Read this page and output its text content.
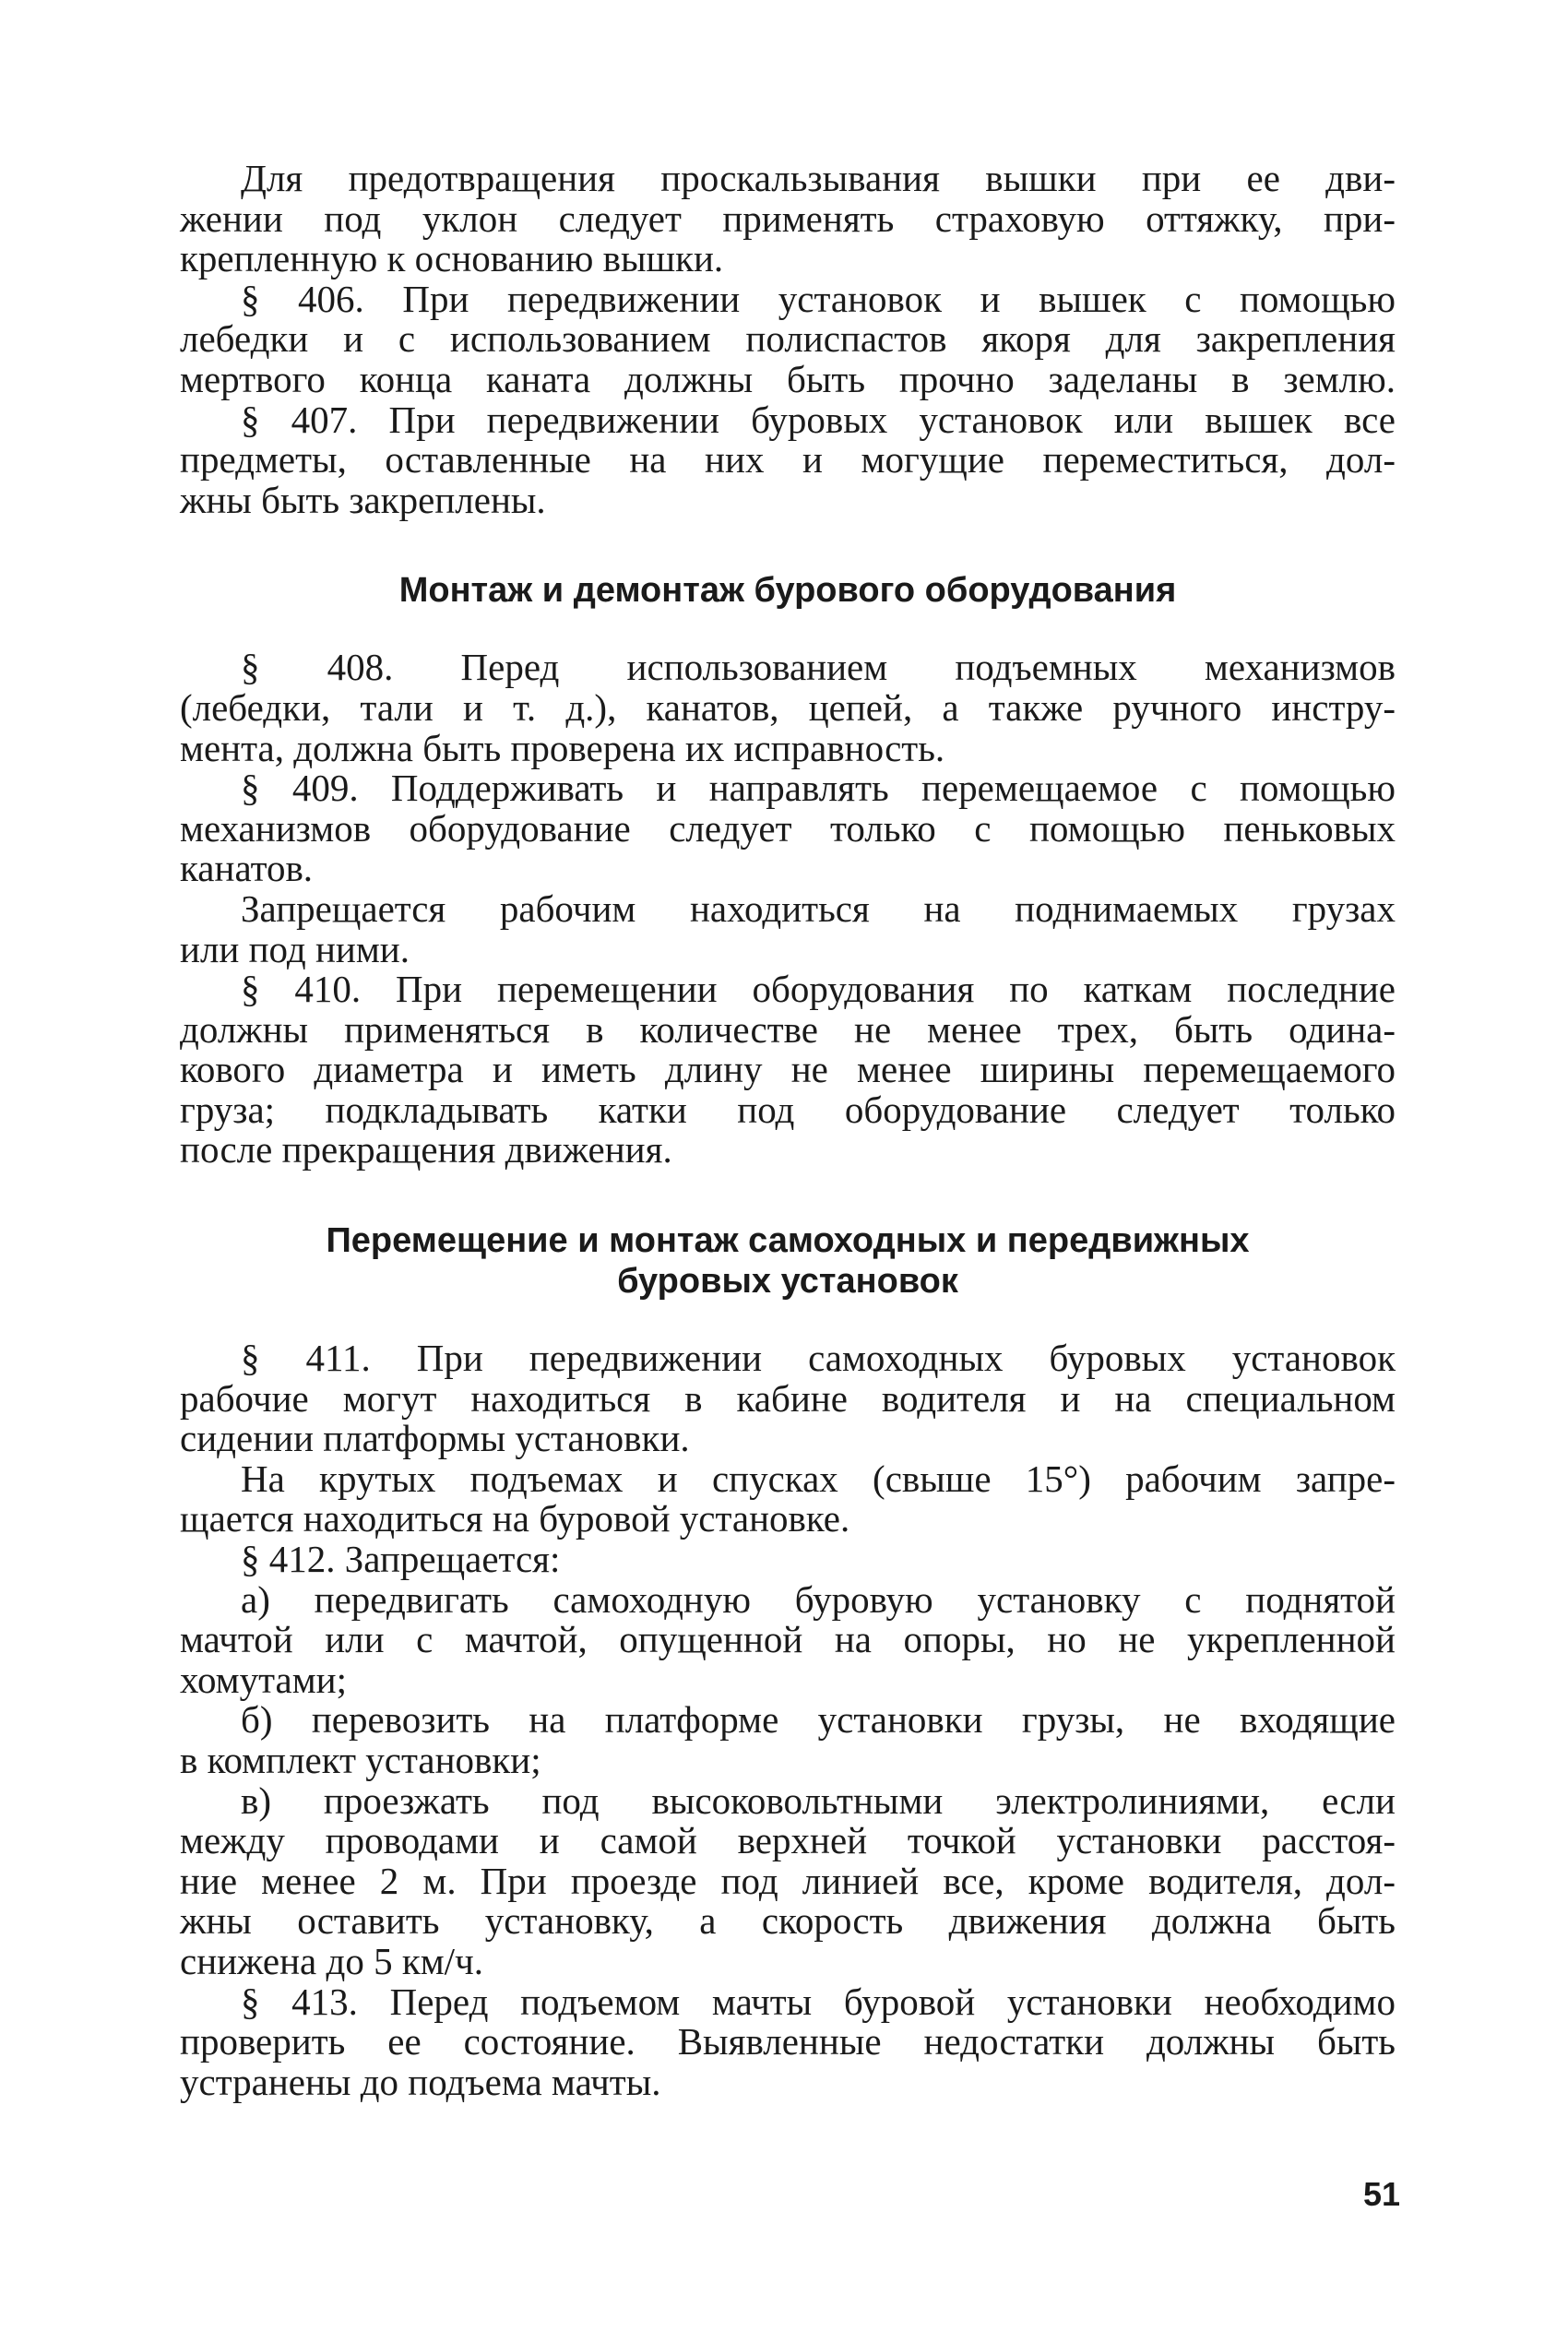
Для предотвращения проскальзывания вышки при ее дви-
жении под уклон следует применять страховую оттяжку, при-
крепленную к основанию вышки.

§ 406. При передвижении установок и вышек с помощью
лебедки и с использованием полиспастов якоря для закрепления
мертвого конца каната должны быть прочно заделаны в землю.

§ 407. При передвижении буровых установок или вышек все
предметы, оставленные на них и могущие переместиться, дол-
жны быть закреплены.

Монтаж и демонтаж бурового оборудования

§ 408. Перед использованием подъемных механизмов
(лебедки, тали и т. д.), канатов, цепей, а также ручного инстру-
мента, должна быть проверена их исправность.

§ 409. Поддерживать и направлять перемещаемое с помощью
механизмов оборудование следует только с помощью пеньковых
канатов.

Запрещается рабочим находиться на поднимаемых грузах
или под ними.

§ 410. При перемещении оборудования по каткам последние
должны применяться в количестве не менее трех, быть одина-
кового диаметра и иметь длину не менее ширины перемещаемого
груза; подкладывать катки под оборудование следует только
после прекращения движения.

Перемещение и монтаж самоходных и передвижных
буровых установок

§ 411. При передвижении самоходных буровых установок
рабочие могут находиться в кабине водителя и на специальном
сидении платформы установки.

На крутых подъемах и спусках (свыше 15°) рабочим запре-
щается находиться на буровой установке.

§ 412. Запрещается:

а) передвигать самоходную буровую установку с поднятой
мачтой или с мачтой, опущенной на опоры, но не укрепленной
хомутами;

б) перевозить на платформе установки грузы, не входящие
в комплект установки;

в) проезжать под высоковольтными электролиниями, если
между проводами и самой верхней точкой установки расстоя-
ние менее 2 м. При проезде под линией все, кроме водителя, дол-
жны оставить установку, а скорость движения должна быть
снижена до 5 км/ч.

§ 413. Перед подъемом мачты буровой установки необходимо
проверить ее состояние. Выявленные недостатки должны быть
устранены до подъема мачты.

51
